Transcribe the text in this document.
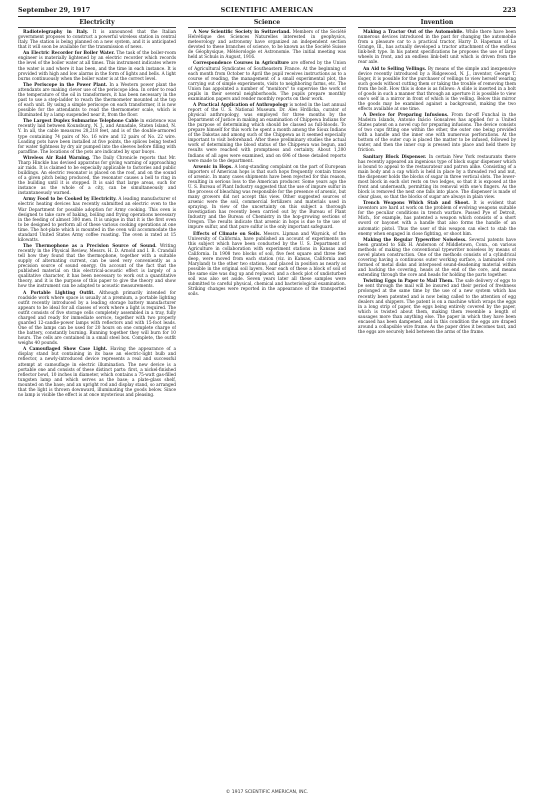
September 29, 1917	SCIENTIFIC AMERICAN	223
Electricity

Radiotelegraphy in Italy. It is announced that the Italian government proposes to construct a powerful wireless station in central Italy. The station is being planned on a new system, and it is anticipated that it will soon be available for the transmission of news.

An Electric Recorder for Boiler Water. The task of the boiler-room engineer is materially lightened by an electric recorder which records the level of the boiler water at all times. This instrument indicates where the water is and where it has been, and the time in each instance. It is provided with high and low alarms in the form of lights and bells. A light burns continuously when the boiler water is at the correct level.

The Periscope in the Power Plant. In a Western power plant the attendants are making clever use of the periscope idea. In order to read the temperature of the oil in transformers, it has been necessary in the past to use a step-ladder to reach the thermometer mounted at the top of each unit. By using a simple periscope on each transformer, it is now possible for the attendants to read the thermometer scale, which is illuminated by a lamp suspended near it, from the floor.

The Largest Duplex Submarine Telephone Cable in existence was recently laid between Kounsburg, N. J., and Annadale, Staten Island, N. Y. In all, the cable measures 28,218 feet, and is of the double-armored type containing 74 pairs of No. 16 wire and 12 pairs of No. 22 wire. Loading pots have been installed at five points, the splices being tested for water tightness by dry air pumped into the sleeves before filling with paraffine. The locations of the pots are indicated by spar buoys.

Wireless Air Raid Warning. The Daily Chronicle reports that Mr. Tharp Hinckle has devised apparatus for giving warning of approaching air raids. It is claimed to be especially applicable to factories and public buildings. An electric resonator is placed on the roof, and on the sound of a given pitch being produced, the resonator causes a bell to ring in the building until it is stopped. It is said that large areas, such for instance as the whole of a city, can be simultaneously and instantaneously warned.

Army Food to be Cooked by Electricity. A leading manufacturer of electric heating devices has recently submitted an electric oven to the War Department for possible adoption for Army cooking. This oven is designed to take care of baking, boiling and frying operations necessary in the feeding of almost 300 men. It is unique in that it is the first oven to be designed to perform all of these various cooking operations at one time. The hot-plate which is mounted in the oven will accommodate the standard United States Army coffee roasting. The oven is rated at 15 kilowatts.

The Thermophone as a Precision Source of Sound. Writing recently in the Physical Review, Messrs. H. D. Arnold and I. B. Crandall tell how they found that the thermophone, together with a suitable supply of alternating current, can be used very conveniently as a precision source of sound energy. On account of the fact that the published material on this electrical-acoustic effect is largely of a qualitative character, it has been necessary to work out a quantitative theory, and it is the purpose of this paper to give the theory and show how the instrument can be adapted to acoustic measurements.

A Portable Lighting Outfit. Although primarily intended for roadside work where space is usually at a premium, a portable lighting outfit recently introduced by a leading storage battery manufacturer appears to be ideal for all classes of work where a light is required. The outfit consists of five storage cells completely assembled in a tray, fully charged and ready for immediate service, together with two properly guarded 12-candle-power lamps with reflectors and with 15-foot leads. One of the lamps can be used for 20 hours on one complete charge of the battery, constantly burning. Running together they will burn for 10 hours. The cells are contained in a small steel box. Complete, the outfit weighs 40 pounds.

A Camouflaged Show Case Light. Having the appearance of a display stand but containing in its base an electric-light bulb and reflector, a newly-introduced device represents a real and successful attempt at camouflage in electric illumination. The new device is a portable one and consists of these distinct parts: first, a nickel-finished reflector bowl, 10 inches in diameter, which contains a 75-watt gas-filled tungsten lamp and which serves as the base; a plate-glass shelf, mounted on the base; and an upright rod and display stand, so arranged that the light is thrown downward, illuminating the goods below. Since no lamp is visible the effect is at once mysterious and pleasing.

Science

A New Scientific Society in Switzerland. Members of the Société Helvétique des Sciences Naturelles interested in geophysics, meteorology and astronomy have organized an independent section devoted to these branches of science, to be known as the Société Suisse de Géophysique, Météorologie et Astronomie. The initial meeting was held at Schuls in August, 1916.

Correspondence Courses in Agriculture are offered by the Union of Agricultural Syndicates of Southeastern France. At the beginning of each month from October to April the pupil receives instructions as to a course of reading, the management of a small experimental plot, the carrying out of simple experiments, visits to neighboring farms, etc. The Union has appointed a number of "monitors" to supervise the work of pupils in their several neighborhoods. The pupils prepare monthly examination papers and render monthly reports on their work.

A Practical Application of Anthropology is noted in the last annual report of the U. S. National Museum. Dr. Ales Hrdlicka, curator of physical anthropology, was employed for three months by the Department of Justice in making an examination of Chippewa Indians for the purpose of determining which should be classed as full-bloods. To prepare himself for this work he spent a month among the Sioux Indians of the Dakotas and among such of the Chippewa as it seemed especially important to visit beforehand. After these preliminary studies the actual work of determining the blood status of the Chippewa was begun, and results were reached with promptness and certainty. About 1,200 Indians of all ages were examined, and on 696 of these detailed reports were made to the department.

Arsenic in Hops. A long-standing complaint on the part of European importers of American hops is that such hops frequently contain traces of arsenic. In many cases shipments have been rejected for this reason, resulting in serious loss to the American producer. Some years ago the U. S. Bureau of Plant Industry suggested that the use of impure sulfur in the process of bleaching was responsible for the presence of arsenic, but many growers did not accept this view. Other suggested sources of arsenic were the soil, commercial fertilizers and materials used in spraying. In view of the uncertainty on this subject a thorough investigation has recently been carried out by the Bureau of Plant Industry and the Bureau of Chemistry in the hop-growing sections of Oregon. The results indicate that arsenic in hops is due to the use of impure sulfur, and that pure sulfur is the only important safeguard.

Effects of Climate on Soils. Messrs. Lipman and Waynick, of the University of California, have published an account of experiments on this subject which have been conducted by the U. S. Department of Agriculture in collaboration with experiment stations in Kansas and California. In 1908 two blocks of soil, five feet square and three feet deep, were moved from each station (viz. in Kansas, California and Maryland) to the other two stations, and placed in position as nearly as possible in the original soil layers. Near each of these a block of soil of the same size was dug up and replaced, and a check plot of undisturbed soil was also set aside. Seven years later all these samples were submitted to careful physical, chemical and bacteriological examination. Striking changes were reported in the appearance of the transported soils.

Invention

Making a Tractor Out of the Automobile. While there have been numerous devices introduced in the past for changing the automobile from a pleasure car to a practical tractor, Harry D. Hapeman of La Grange, Ill., has actually developed a tractor attachment of the endless link-belt type. In his patent specifications he proposes the use of large wheels in front, and an endless link-belt unit which is driven from the rear axle.

An Aid to Selling Vellings. By means of the simple and inexpensive device recently introduced by a Ridgewood, N. J., inventor, George T. Esger, it is possible for the purchaser of vellings to view herself wearing such goods without cutting them or taking the trouble of removing them from the bolt. How this is done is as follows: A slide is inserted in a bolt of goods in such a manner that through an aperture it is possible to view one's self in a mirror in front of which is the velling. Below this mirror the goods may be examined against a background, making the two effects available at one time.

A Device for Preparing Infusions. From far-off Funchal in the Madeira Islands, Antonio Inácio Gonsalves has applied for a United States patent on a novel cup for preparing infusions. The device consists of two cups fitting one within the other, the outer one being provided with a handle and the inner one with numerous perforations. At the bottom of the outer cup is placed the matter to be infused, followed by water, and then the inner cup is pressed into place and held there by friction.

Sanitary Block Dispenser. In certain New York restaurants there has recently appeared an ingenious type of block sugar dispenser which is bound to appeal to the restaurateur and patron alike. Consisting of a main body and a cap which is held in place by a threaded rod and nut, the dispenser holds the blocks of sugar in three vertical slots. The lower-most block in each slot rests on two ledges, so that it is exposed at the front and underneath, permitting its removal with one's fingers. As the block is removed the next one falls into place. The dispenser is made of clear glass, so that the blocks of sugar are always in plain view.

Trench Weapons Which Stab and Shoot. It is evident that inventors are hard at work on the problem of evolving weapons suitable for the peculiar conditions in trench warfare. Passed Pye of Detroit, Mich., for example, has patented a weapon which consists of a short sword or bayonet with a handle that also forms the handle of an automatic pistol. Thus the user of this weapon can elect to stab the enemy when engaged in close fighting, or shoot him.

Making the Regular Typewriter Noiseless. Several patents have been granted to Silk H. Anderson of Middletown, Conn., on various methods of making the conventional typewriter noiseless by means of novel platen construction. One of the methods consists of a cylindrical covering having a continuous outer working surface, a laminated core formed of metal disks and interposed sound-deadening material within and backing the covering, heads at the end of the core, and means extending through the core and heads for holding the parts together.

Twisting Eggs in Paper to Mail Them. The safe delivery of eggs to be sent through the mail will be insured and their period of freshness prolonged at the same time by the use of a new system which has recently been patented and is now being called to the attention of egg dealers and shippers. The patent is on a machine which wraps the eggs in a long strip of paper, the eggs being entirely covered by the paper, which is twisted about them, making them resemble a length of sausages more than anything else. The paper in which they have been encased has been dampened, and in this condition the eggs are draped around a collapsible wire frame. As the paper dries it becomes taut, and the eggs are securely held between the arms of the frame.

© 1917 SCIENTIFIC AMERICAN, INC.
